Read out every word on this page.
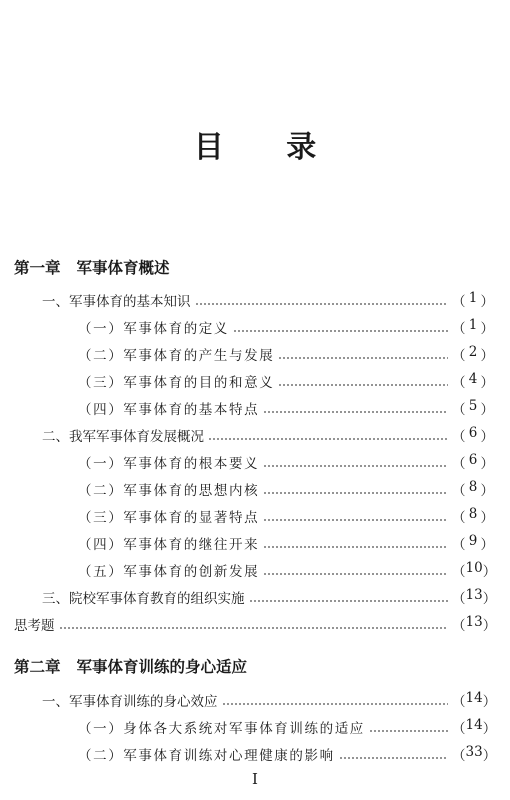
目 录
第一章 军事体育概述
一、军事体育的基本知识	（ 1 ）
（一）军事体育的定义	（ 1 ）
（二）军事体育的产生与发展	（ 2 ）
（三）军事体育的目的和意义	（ 4 ）
（四）军事体育的基本特点	（ 5 ）
二、我军军事体育发展概况	（ 6 ）
（一）军事体育的根本要义	（ 6 ）
（二）军事体育的思想内核	（ 8 ）
（三）军事体育的显著特点	（ 8 ）
（四）军事体育的继往开来	（ 9 ）
（五）军事体育的创新发展	（ 10 ）
三、院校军事体育教育的组织实施	（ 13 ）
思考题	（ 13 ）
第二章 军事体育训练的身心适应
一、军事体育训练的身心效应	（ 14 ）
（一）身体各大系统对军事体育训练的适应	（ 14 ）
（二）军事体育训练对心理健康的影响	（ 33 ）
I
